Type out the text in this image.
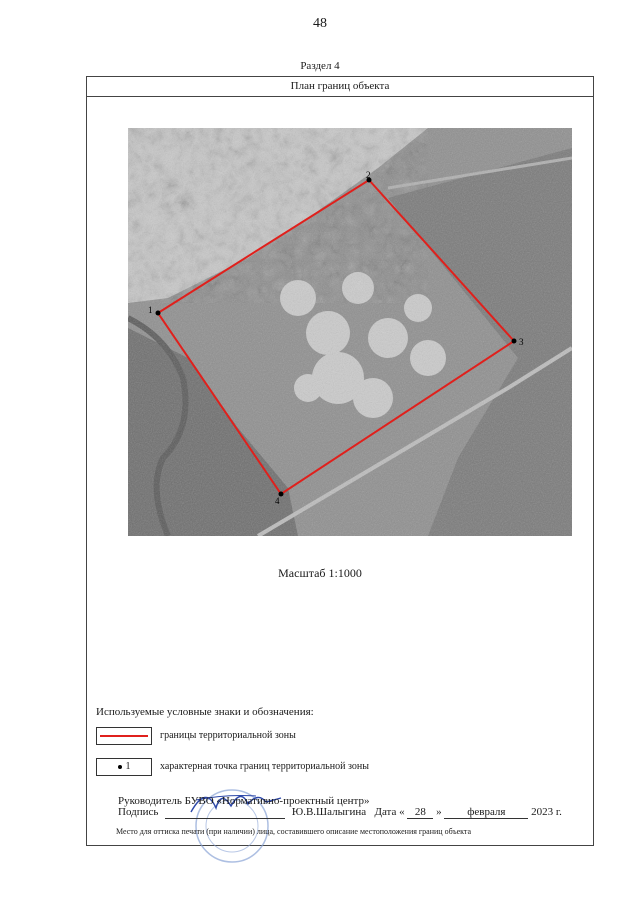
48
Раздел 4
План границ объекта
1
2
3
4
Масштаб 1:1000
Используемые условные знаки и обозначения:
границы территориальной зоны
1	характерная точка границ территориальной зоны
Руководитель БУВО «Нормативно-проектный центр»
Подпись	Ю.В.Шалыгина Дата « 28 » февраля 2023 г.
Место для оттиска печати (при наличии) лица, составившего описание местоположения границ объекта
